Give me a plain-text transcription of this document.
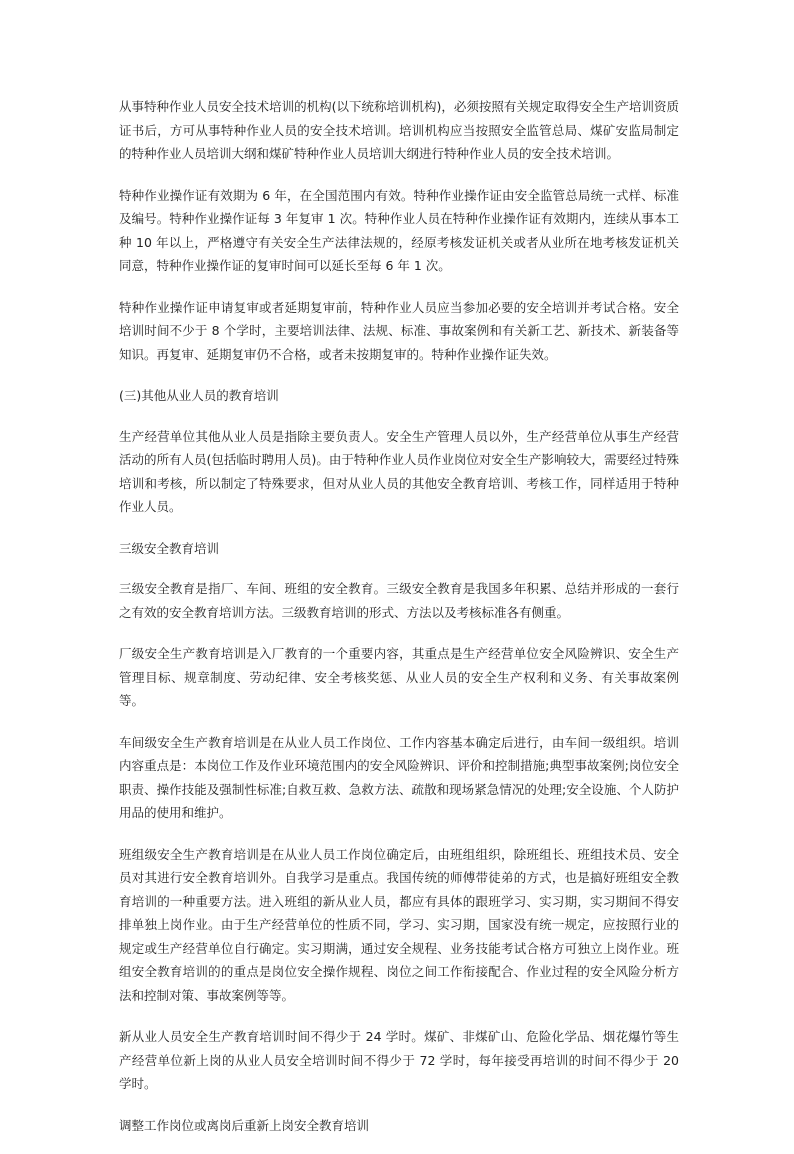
从事特种作业人员安全技术培训的机构(以下统称培训机构)，必须按照有关规定取得安全生产培训资质证书后，方可从事特种作业人员的安全技术培训。培训机构应当按照安全监管总局、煤矿安监局制定的特种作业人员培训大纲和煤矿特种作业人员培训大纲进行特种作业人员的安全技术培训。

特种作业操作证有效期为 6 年，在全国范围内有效。特种作业操作证由安全监管总局统一式样、标准及编号。特种作业操作证每 3 年复审 1 次。特种作业人员在特种作业操作证有效期内，连续从事本工种 10 年以上，严格遵守有关安全生产法律法规的，经原考核发证机关或者从业所在地考核发证机关同意，特种作业操作证的复审时间可以延长至每 6 年 1 次。

特种作业操作证申请复审或者延期复审前，特种作业人员应当参加必要的安全培训并考试合格。安全培训时间不少于 8 个学时，主要培训法律、法规、标准、事故案例和有关新工艺、新技术、新装备等知识。再复审、延期复审仍不合格，或者未按期复审的。特种作业操作证失效。

(三)其他从业人员的教育培训

生产经营单位其他从业人员是指除主要负责人。安全生产管理人员以外，生产经营单位从事生产经营活动的所有人员(包括临时聘用人员)。由于特种作业人员作业岗位对安全生产影响较大，需要经过特殊培训和考核，所以制定了特殊要求，但对从业人员的其他安全教育培训、考核工作，同样适用于特种作业人员。

三级安全教育培训

三级安全教育是指厂、车间、班组的安全教育。三级安全教育是我国多年积累、总结并形成的一套行之有效的安全教育培训方法。三级教育培训的形式、方法以及考核标准各有侧重。

厂级安全生产教育培训是入厂教育的一个重要内容，其重点是生产经营单位安全风险辨识、安全生产管理目标、规章制度、劳动纪律、安全考核奖惩、从业人员的安全生产权利和义务、有关事故案例等。

车间级安全生产教育培训是在从业人员工作岗位、工作内容基本确定后进行，由车间一级组织。培训内容重点是：本岗位工作及作业环境范围内的安全风险辨识、评价和控制措施;典型事故案例;岗位安全职责、操作技能及强制性标准;自救互救、急救方法、疏散和现场紧急情况的处理;安全设施、个人防护用品的使用和维护。

班组级安全生产教育培训是在从业人员工作岗位确定后，由班组组织，除班组长、班组技术员、安全员对其进行安全教育培训外。自我学习是重点。我国传统的师傅带徒弟的方式，也是搞好班组安全教育培训的一种重要方法。进入班组的新从业人员，都应有具体的跟班学习、实习期，实习期间不得安排单独上岗作业。由于生产经营单位的性质不同，学习、实习期，国家没有统一规定，应按照行业的规定或生产经营单位自行确定。实习期满，通过安全规程、业务技能考试合格方可独立上岗作业。班组安全教育培训的的重点是岗位安全操作规程、岗位之间工作衔接配合、作业过程的安全风险分析方法和控制对策、事故案例等等。

新从业人员安全生产教育培训时间不得少于 24 学时。煤矿、非煤矿山、危险化学品、烟花爆竹等生产经营单位新上岗的从业人员安全培训时间不得少于 72 学时，每年接受再培训的时间不得少于 20 学时。

调整工作岗位或离岗后重新上岗安全教育培训
